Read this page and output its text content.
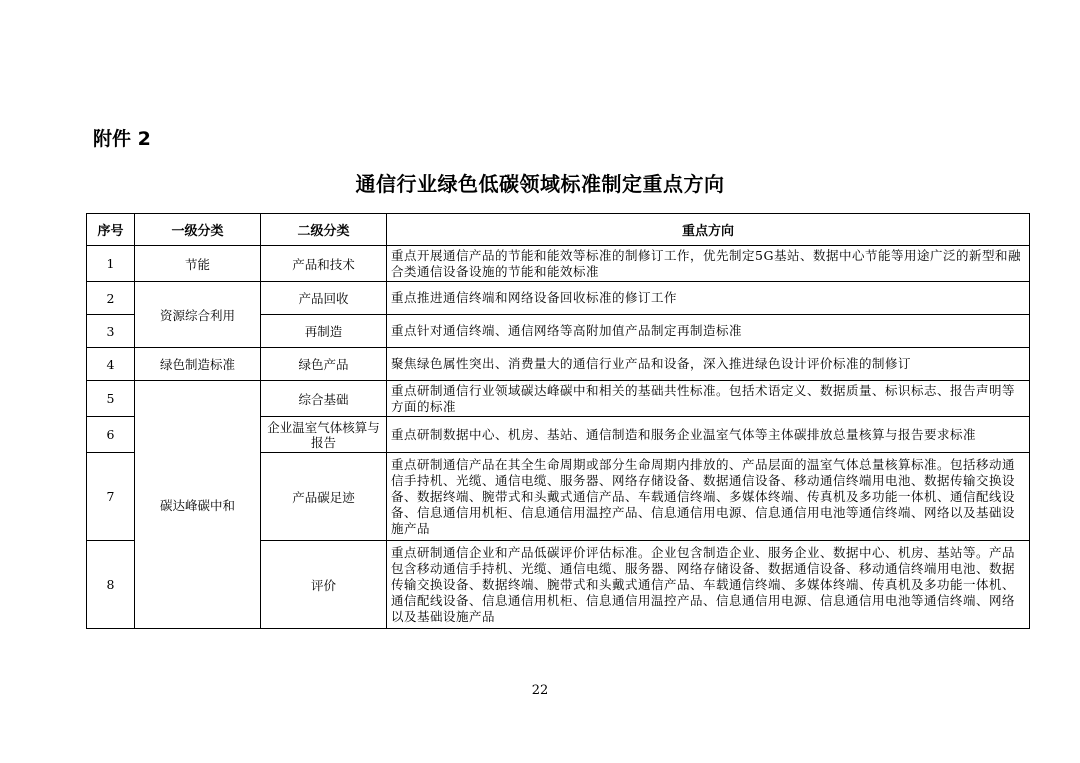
附件 2
通信行业绿色低碳领域标准制定重点方向
序号	一级分类	二级分类	重点方向
1	节能	产品和技术	重点开展通信产品的节能和能效等标准的制修订工作，优先制定5G基站、数据中心节能等用途广泛的新型和融合类通信设备设施的节能和能效标准
2	资源综合利用	产品回收	重点推进通信终端和网络设备回收标准的修订工作
3		再制造	重点针对通信终端、通信网络等高附加值产品制定再制造标准
4	绿色制造标准	绿色产品	聚焦绿色属性突出、消费量大的通信行业产品和设备，深入推进绿色设计评价标准的制修订
5	碳达峰碳中和	综合基础	重点研制通信行业领域碳达峰碳中和相关的基础共性标准。包括术语定义、数据质量、标识标志、报告声明等方面的标准
6		企业温室气体核算与报告	重点研制数据中心、机房、基站、通信制造和服务企业温室气体等主体碳排放总量核算与报告要求标准
7		产品碳足迹	重点研制通信产品在其全生命周期或部分生命周期内排放的、产品层面的温室气体总量核算标准。包括移动通信手持机、光缆、通信电缆、服务器、网络存储设备、数据通信设备、移动通信终端用电池、数据传输交换设备、数据终端、腕带式和头戴式通信产品、车载通信终端、多媒体终端、传真机及多功能一体机、通信配线设备、信息通信用机柜、信息通信用温控产品、信息通信用电源、信息通信用电池等通信终端、网络以及基础设施产品
8		评价	重点研制通信企业和产品低碳评价评估标准。企业包含制造企业、服务企业、数据中心、机房、基站等。产品包含移动通信手持机、光缆、通信电缆、服务器、网络存储设备、数据通信设备、移动通信终端用电池、数据传输交换设备、数据终端、腕带式和头戴式通信产品、车载通信终端、多媒体终端、传真机及多功能一体机、通信配线设备、信息通信用机柜、信息通信用温控产品、信息通信用电源、信息通信用电池等通信终端、网络以及基础设施产品
22
